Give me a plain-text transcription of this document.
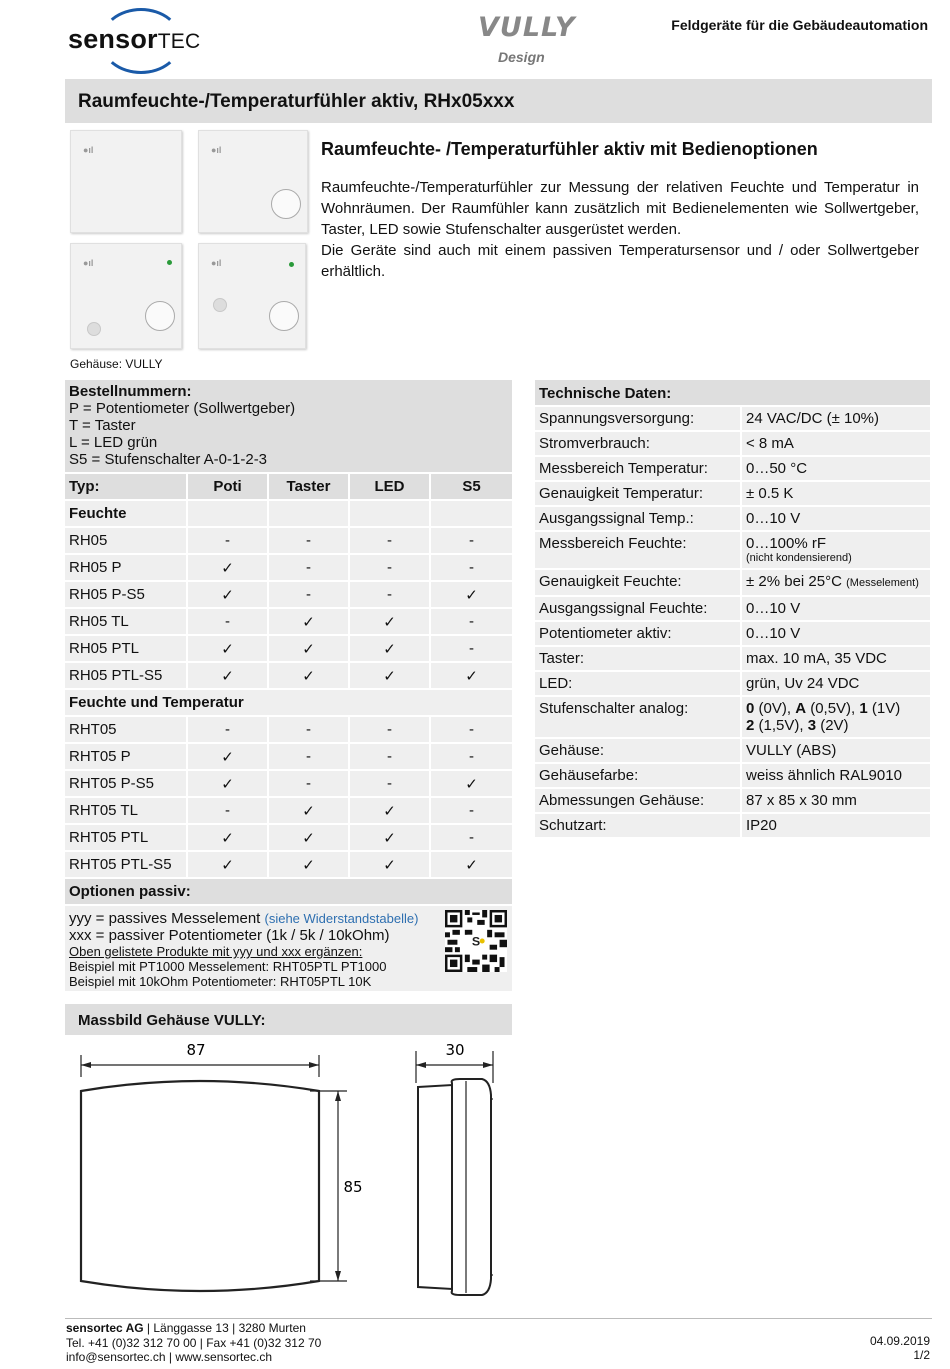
sensorTEC	VULLY
Design
Feldgeräte für die Gebäudeautomation
Raumfeuchte-/Temperaturfühler aktiv, RHx05xxx
●ıl	●ıl
●ıl	●ıl
Gehäuse: VULLY
Raumfeuchte- /Temperaturfühler aktiv mit Bedienoptionen

Raumfeuchte-/Temperaturfühler zur Messung der relativen Feuchte und Temperatur in Wohnräumen. Der Raumfühler kann zusätzlich mit Bedienelementen wie Sollwertgeber, Taster, LED sowie Stufenschalter ausgerüstet werden.

Die Geräte sind auch mit einem passiven Temperatursensor und / oder Sollwertgeber erhältlich.

Bestellnummern:
P = Potentiometer (Sollwertgeber)
T = Taster
L = LED grün
S5 = Stufenschalter A-0-1-2-3
Typ:	Poti	Taster	LED	S5
Feuchte
RH05	-	-	-	-
RH05 P	✓	-	-	-
RH05 P-S5	✓	-	-	✓
RH05 TL	-	✓	✓	-
RH05 PTL	✓	✓	✓	-
RH05 PTL-S5	✓	✓	✓	✓
Feuchte und Temperatur
RHT05	-	-	-	-
RHT05 P	✓	-	-	-
RHT05 P-S5	✓	-	-	✓
RHT05 TL	-	✓	✓	-
RHT05 PTL	✓	✓	✓	-
RHT05 PTL-S5	✓	✓	✓	✓
Optionen passiv:
yyy = passives Messelement (siehe Widerstandstabelle)
xxx = passiver Potentiometer (1k / 5k / 10kOhm)
Oben gelistete Produkte mit yyy und xxx ergänzen:
Beispiel mit PT1000 Messelement: RHT05PTL PT1000
Beispiel mit 10kOhm Potentiometer: RHT05PTL 10K
S
Technische Daten:
Spannungsversorgung:	24 VAC/DC (± 10%)
Stromverbrauch:	< 8 mA
Messbereich Temperatur:	0…50 °C
Genauigkeit Temperatur:	± 0.5 K
Ausgangssignal Temp.:	0…10 V
Messbereich Feuchte:	0…100% rF
(nicht kondensierend)
Genauigkeit Feuchte:	± 2% bei 25°C (Messelement)
Ausgangssignal Feuchte:	0…10 V
Potentiometer aktiv:	0…10 V
Taster:	max. 10 mA, 35 VDC
LED:	grün, Uv 24 VDC
Stufenschalter analog:	0 (0V), A (0,5V), 1 (1V)
2 (1,5V), 3 (2V)
Gehäuse:	VULLY (ABS)
Gehäusefarbe:	weiss ähnlich RAL9010
Abmessungen Gehäuse:	87 x 85 x 30 mm
Schutzart:	IP20
Massbild Gehäuse VULLY:
87
85
30
sensortec AG | Länggasse 13 | 3280 Murten
Tel. +41 (0)32 312 70 00 | Fax +41 (0)32 312 70
info@sensortec.ch | www.sensortec.ch
04.09.2019
1/2
